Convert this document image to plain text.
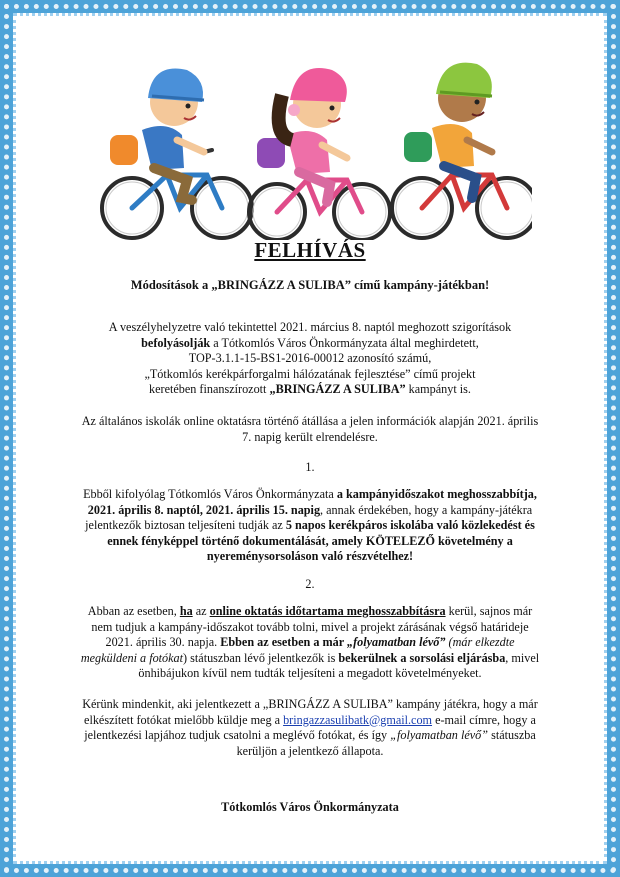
FELHÍVÁS
Módosítások a „BRINGÁZZ A SULIBA” című kampány-játékban!
A veszélyhelyzetre való tekintettel 2021. március 8. naptól meghozott szigorítások
befolyásolják a Tótkomlós Város Önkormányzata által meghirdetett,
TOP-3.1.1-15-BS1-2016-00012 azonosító számú,
„Tótkomlós kerékpárforgalmi hálózatának fejlesztése” című projekt
keretében finanszírozott „BRINGÁZZ A SULIBA” kampányt is.
Az általános iskolák online oktatásra történő átállása a jelen információk alapján 2021. április
7. napig került elrendelésre.
1.
Ebből kifolyólag Tótkomlós Város Önkormányzata a kampányidőszakot meghosszabbítja,
2021. április 8. naptól, 2021. április 15. napig, annak érdekében, hogy a kampány-játékra
jelentkezők biztosan teljesíteni tudják az 5 napos kerékpáros iskolába való közlekedést és
ennek fényképpel történő dokumentálását, amely KÖTELEZŐ követelmény a
nyereménysorsoláson való részvételhez!
2.
Abban az esetben, ha az online oktatás időtartama meghosszabbításra kerül, sajnos már
nem tudjuk a kampány-időszakot tovább tolni, mivel a projekt zárásának végső határideje
2021. április 30. napja. Ebben az esetben a már „folyamatban lévő” (már elkezdte
megküldeni a fotókat) státuszban lévő jelentkezők is bekerülnek a sorsolási eljárásba, mivel
önhibájukon kívül nem tudták teljesíteni a megadott követelményeket.
Kérünk mindenkit, aki jelentkezett a „BRINGÁZZ A SULIBA” kampány játékra, hogy a már
elkészített fotókat mielőbb küldje meg a bringazzasulibatk@gmail.com e-mail címre, hogy a
jelentkezési lapjához tudjuk csatolni a meglévő fotókat, és így „folyamatban lévő” státuszba
kerüljön a jelentkező állapota.
Tótkomlós Város Önkormányzata
